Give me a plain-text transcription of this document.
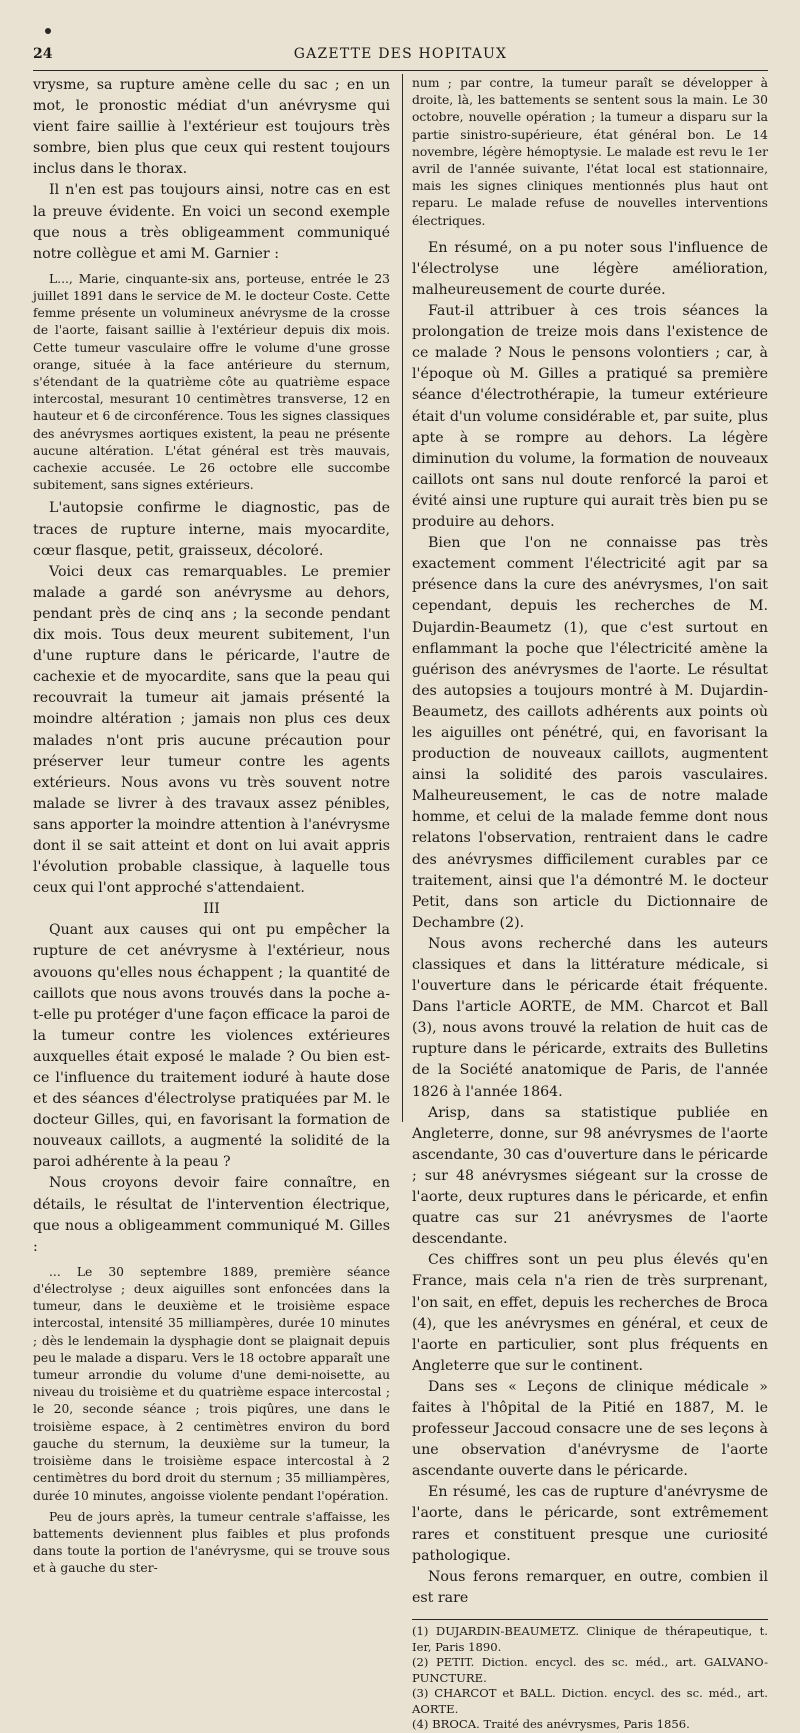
24	GAZETTE DES HOPITAUX

vrysme, sa rupture amène celle du sac ; en un mot, le pronostic médiat d'un anévrysme qui vient faire saillie à l'extérieur est toujours très sombre, bien plus que ceux qui restent toujours inclus dans le thorax.

Il n'en est pas toujours ainsi, notre cas en est la preuve évidente. En voici un second exemple que nous a très obligeamment communiqué notre collègue et ami M. Garnier :

L..., Marie, cinquante-six ans, porteuse, entrée le 23 juillet 1891 dans le service de M. le docteur Coste. Cette femme présente un volumineux anévrysme de la crosse de l'aorte, faisant saillie à l'extérieur depuis dix mois. Cette tumeur vasculaire offre le volume d'une grosse orange, située à la face antérieure du sternum, s'étendant de la quatrième côte au quatrième espace intercostal, mesurant 10 centimètres transverse, 12 en hauteur et 6 de circonférence. Tous les signes classiques des anévrysmes aortiques existent, la peau ne présente aucune altération. L'état général est très mauvais, cachexie accusée. Le 26 octobre elle succombe subitement, sans signes extérieurs.

L'autopsie confirme le diagnostic, pas de traces de rupture interne, mais myocardite, cœur flasque, petit, graisseux, décoloré.

Voici deux cas remarquables. Le premier malade a gardé son anévrysme au dehors, pendant près de cinq ans ; la seconde pendant dix mois. Tous deux meurent subitement, l'un d'une rupture dans le péricarde, l'autre de cachexie et de myocardite, sans que la peau qui recouvrait la tumeur ait jamais présenté la moindre altération ; jamais non plus ces deux malades n'ont pris aucune précaution pour préserver leur tumeur contre les agents extérieurs. Nous avons vu très souvent notre malade se livrer à des travaux assez pénibles, sans apporter la moindre attention à l'anévrysme dont il se sait atteint et dont on lui avait appris l'évolution probable classique, à laquelle tous ceux qui l'ont approché s'attendaient.

III

Quant aux causes qui ont pu empêcher la rupture de cet anévrysme à l'extérieur, nous avouons qu'elles nous échappent ; la quantité de caillots que nous avons trouvés dans la poche a-t-elle pu protéger d'une façon efficace la paroi de la tumeur contre les violences extérieures auxquelles était exposé le malade ? Ou bien est-ce l'influence du traitement ioduré à haute dose et des séances d'électrolyse pratiquées par M. le docteur Gilles, qui, en favorisant la formation de nouveaux caillots, a augmenté la solidité de la paroi adhérente à la peau ?

Nous croyons devoir faire connaître, en détails, le résultat de l'intervention électrique, que nous a obligeamment communiqué M. Gilles :

... Le 30 septembre 1889, première séance d'électrolyse ; deux aiguilles sont enfoncées dans la tumeur, dans le deuxième et le troisième espace intercostal, intensité 35 milliampères, durée 10 minutes ; dès le lendemain la dysphagie dont se plaignait depuis peu le malade a disparu. Vers le 18 octobre apparaît une tumeur arrondie du volume d'une demi-noisette, au niveau du troisième et du quatrième espace intercostal ; le 20, seconde séance ; trois piqûres, une dans le troisième espace, à 2 centimètres environ du bord gauche du sternum, la deuxième sur la tumeur, la troisième dans le troisième espace intercostal à 2 centimètres du bord droit du sternum ; 35 milliampères, durée 10 minutes, angoisse violente pendant l'opération.

Peu de jours après, la tumeur centrale s'affaisse, les battements deviennent plus faibles et plus profonds dans toute la portion de l'anévrysme, qui se trouve sous et à gauche du ster-

num ; par contre, la tumeur paraît se développer à droite, là, les battements se sentent sous la main. Le 30 octobre, nouvelle opération ; la tumeur a disparu sur la partie sinistro-supérieure, état général bon. Le 14 novembre, légère hémoptysie. Le malade est revu le 1er avril de l'année suivante, l'état local est stationnaire, mais les signes cliniques mentionnés plus haut ont reparu. Le malade refuse de nouvelles interventions électriques.

En résumé, on a pu noter sous l'influence de l'électrolyse une légère amélioration, malheureusement de courte durée.

Faut-il attribuer à ces trois séances la prolongation de treize mois dans l'existence de ce malade ? Nous le pensons volontiers ; car, à l'époque où M. Gilles a pratiqué sa première séance d'électrothérapie, la tumeur extérieure était d'un volume considérable et, par suite, plus apte à se rompre au dehors. La légère diminution du volume, la formation de nouveaux caillots ont sans nul doute renforcé la paroi et évité ainsi une rupture qui aurait très bien pu se produire au dehors.

Bien que l'on ne connaisse pas très exactement comment l'électricité agit par sa présence dans la cure des anévrysmes, l'on sait cependant, depuis les recherches de M. Dujardin-Beaumetz (1), que c'est surtout en enflammant la poche que l'électricité amène la guérison des anévrysmes de l'aorte. Le résultat des autopsies a toujours montré à M. Dujardin-Beaumetz, des caillots adhérents aux points où les aiguilles ont pénétré, qui, en favorisant la production de nouveaux caillots, augmentent ainsi la solidité des parois vasculaires. Malheureusement, le cas de notre malade homme, et celui de la malade femme dont nous relatons l'observation, rentraient dans le cadre des anévrysmes difficilement curables par ce traitement, ainsi que l'a démontré M. le docteur Petit, dans son article du Dictionnaire de Dechambre (2).

Nous avons recherché dans les auteurs classiques et dans la littérature médicale, si l'ouverture dans le péricarde était fréquente. Dans l'article AORTE, de MM. Charcot et Ball (3), nous avons trouvé la relation de huit cas de rupture dans le péricarde, extraits des Bulletins de la Société anatomique de Paris, de l'année 1826 à l'année 1864.

Arisp, dans sa statistique publiée en Angleterre, donne, sur 98 anévrysmes de l'aorte ascendante, 30 cas d'ouverture dans le péricarde ; sur 48 anévrysmes siégeant sur la crosse de l'aorte, deux ruptures dans le péricarde, et enfin quatre cas sur 21 anévrysmes de l'aorte descendante.

Ces chiffres sont un peu plus élevés qu'en France, mais cela n'a rien de très surprenant, l'on sait, en effet, depuis les recherches de Broca (4), que les anévrysmes en général, et ceux de l'aorte en particulier, sont plus fréquents en Angleterre que sur le continent.

Dans ses « Leçons de clinique médicale » faites à l'hôpital de la Pitié en 1887, M. le professeur Jaccoud consacre une de ses leçons à une observation d'anévrysme de l'aorte ascendante ouverte dans le péricarde.

En résumé, les cas de rupture d'anévrysme de l'aorte, dans le péricarde, sont extrêmement rares et constituent presque une curiosité pathologique.

Nous ferons remarquer, en outre, combien il est rare

(1) DUJARDIN-BEAUMETZ. Clinique de thérapeutique, t. Ier, Paris 1890.

(2) PETIT. Diction. encycl. des sc. méd., art. GALVANO-PUNCTURE.

(3) CHARCOT et BALL. Diction. encycl. des sc. méd., art. AORTE.

(4) BROCA. Traité des anévrysmes, Paris 1856.
